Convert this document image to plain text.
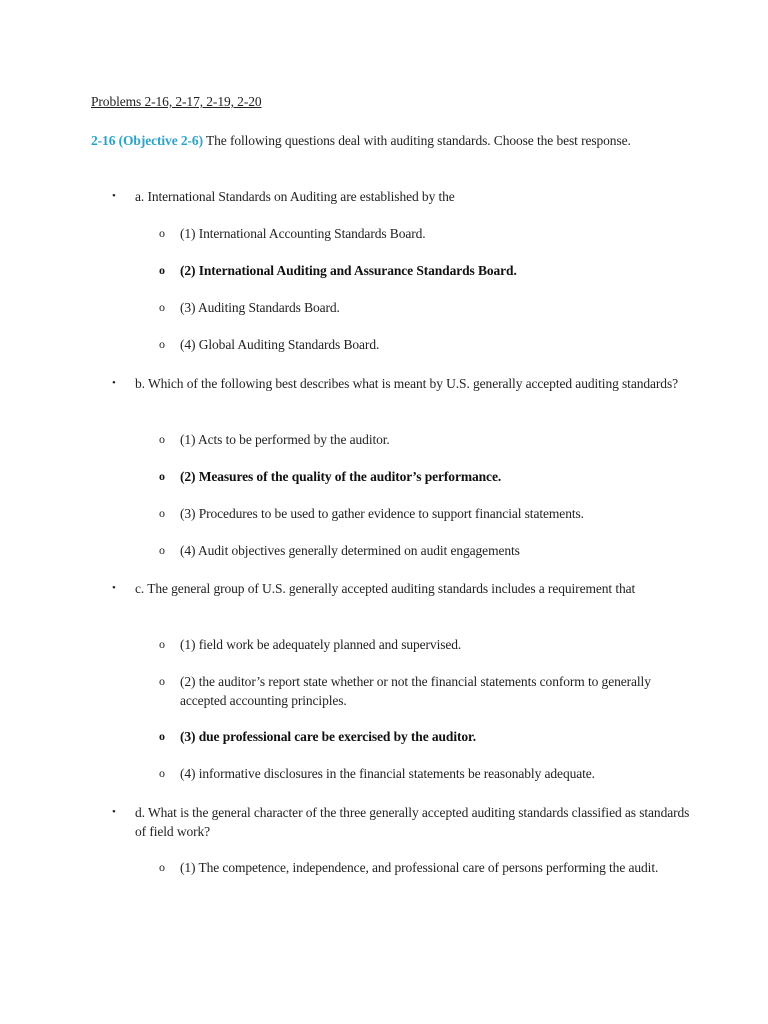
Problems 2-16, 2-17, 2-19, 2-20
2-16 (Objective 2-6) The following questions deal with auditing standards. Choose the best response.
• a. International Standards on Auditing are established by the
o (1) International Accounting Standards Board.
o (2) International Auditing and Assurance Standards Board.
o (3) Auditing Standards Board.
o (4) Global Auditing Standards Board.
• b. Which of the following best describes what is meant by U.S. generally accepted auditing standards?
o (1) Acts to be performed by the auditor.
o (2) Measures of the quality of the auditor’s performance.
o (3) Procedures to be used to gather evidence to support financial statements.
o (4) Audit objectives generally determined on audit engagements
• c. The general group of U.S. generally accepted auditing standards includes a requirement that
o (1) field work be adequately planned and supervised.
o (2) the auditor’s report state whether or not the financial statements conform to generally accepted accounting principles.
o (3) due professional care be exercised by the auditor.
o (4) informative disclosures in the financial statements be reasonably adequate.
• d. What is the general character of the three generally accepted auditing standards classified as standards of field work?
o (1) The competence, independence, and professional care of persons performing the audit.
